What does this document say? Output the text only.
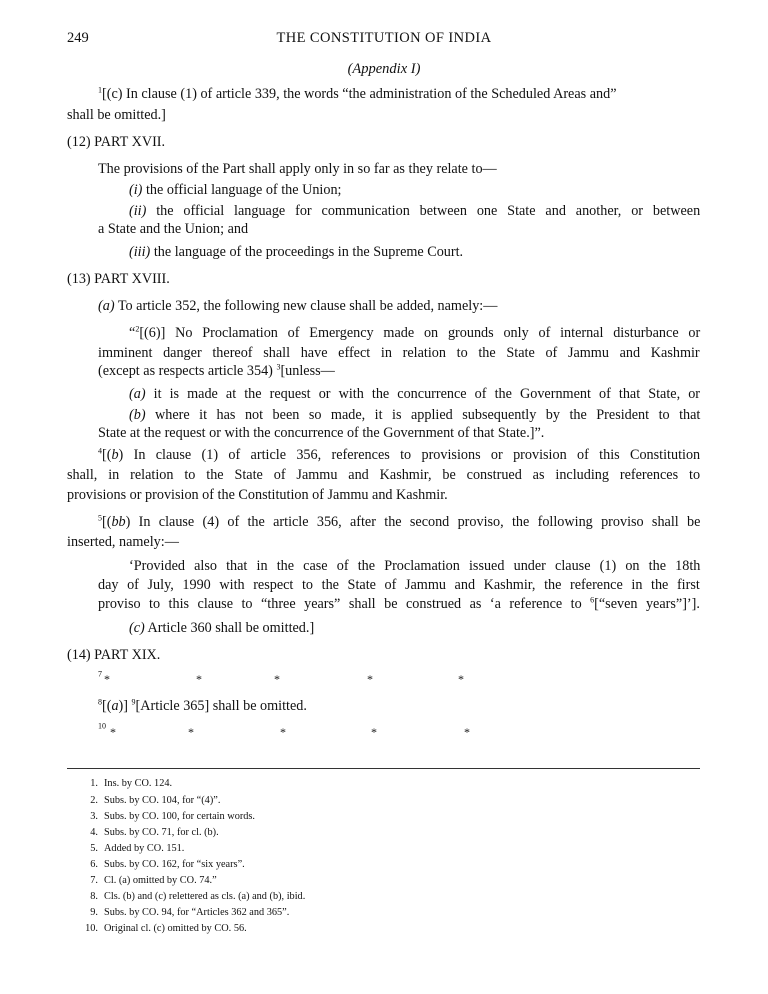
249	THE CONSTITUTION OF INDIA
(Appendix I)
$^1$[(c) In clause (1) of article 339, the words “the administration of the Scheduled Areas and”
shall be omitted.]
(12) PART XVII.
The provisions of the Part shall apply only in so far as they relate to—
(i) the official language of the Union;
(ii) the official language for communication between one State and another, or between
a State and the Union; and
(iii) the language of the proceedings in the Supreme Court.
(13) PART XVIII.
(a) To article 352, the following new clause shall be added, namely:—
“$^2$[(6)] No Proclamation of Emergency made on grounds only of internal disturbance or
imminent danger thereof shall have effect in relation to the State of Jammu and Kashmir
(except as respects article 354) $^3$[unless—
(a) it is made at the request or with the concurrence of the Government of that State, or
(b) where it has not been so made, it is applied subsequently by the President to that
State at the request or with the concurrence of the Government of that State.]”.
$^4$[(b) In clause (1) of article 356, references to provisions or provision of this Constitution
shall, in relation to the State of Jammu and Kashmir, be construed as including references to
provisions or provision of the Constitution of Jammu and Kashmir.
$^5$[(bb) In clause (4) of the article 356, after the second proviso, the following proviso shall be
inserted, namely:—
‘Provided also that in the case of the Proclamation issued under clause (1) on the 18th
day of July, 1990 with respect to the State of Jammu and Kashmir, the reference in the first
proviso to this clause to “three years” shall be construed as ‘a reference to $^6$[“seven years”]’].
(c) Article 360 shall be omitted.]
(14) PART XIX.
$^7$ *	*	*	*	*
$^8$[(a)] $^9$[Article 365] shall be omitted.
$^{10}$ *	*	*	*	*
1. Ins. by CO. 124.
2. Subs. by CO. 104, for “(4)”.
3. Subs. by CO. 100, for certain words.
4. Subs. by CO. 71, for cl. (b).
5. Added by CO. 151.
6. Subs. by CO. 162, for “six years”.
7. Cl. (a) omitted by CO. 74.”
8. Cls. (b) and (c) relettered as cls. (a) and (b), ibid.
9. Subs. by CO. 94, for “Articles 362 and 365”.
10. Original cl. (c) omitted by CO. 56.
